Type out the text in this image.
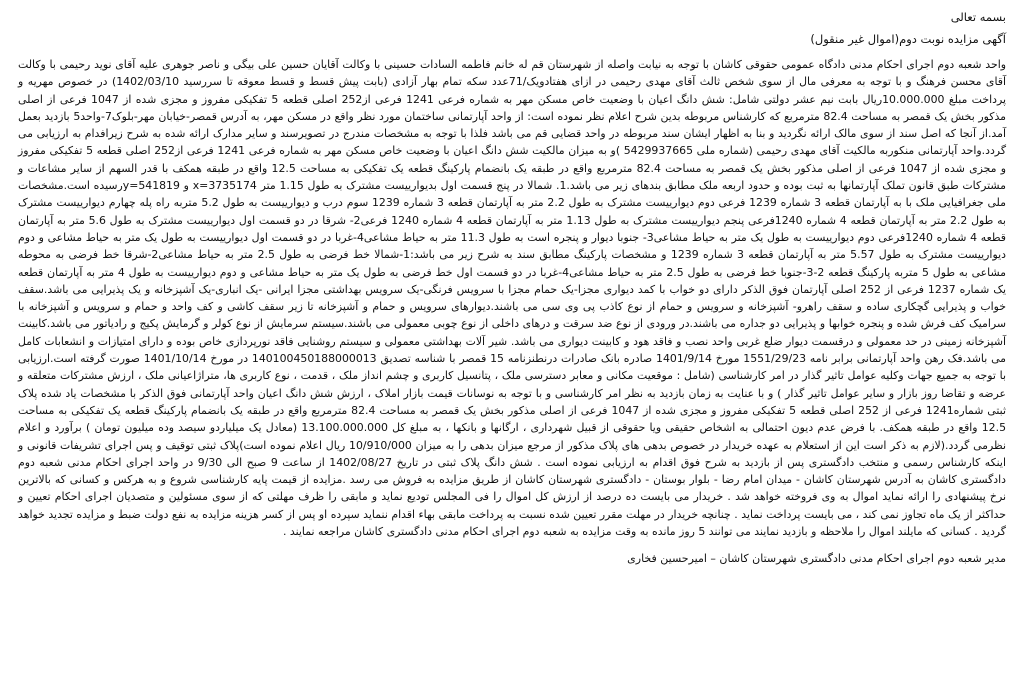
بسمه تعالی

آگهی مزایده نوبت دوم(اموال غیر منقول)

واحد شعبه دوم اجرای احکام مدنی دادگاه عمومی حقوقی کاشان با توجه به نیابت واصله از شهرستان قم له خانم فاطمه السادات حسینی با وکالت آقایان حسین علی بیگی و ناصر جوهری علیه آقای نوید رحیمی با وکالت آقای محسن فرهنگ و با توجه به معرفی مال از سوی شخص ثالث آقای مهدی رحیمی در ازای هفتادویک/71عدد سکه تمام بهار آزادی (بابت پیش قسط و قسط معوقه تا سررسید 1402/03/10) در خصوص مهریه و پرداخت مبلغ 10.000.000ریال بابت نیم عشر دولتی شامل: شش دانگ اعیان با وضعیت خاص مسکن مهر به شماره فرعی 1241 فرعی از252 اصلی قطعه 5 تفکیکی مفروز و مجزی شده از 1047 فرعی از اصلی مذکور بخش یک قمصر به مساحت 82.4 مترمربع که کارشناس مربوطه بدین شرح اعلام نظر نموده است: از واحد آپارتمانی ساختمان مورد نظر واقع در مسکن مهر، به آدرس قمصر-خیابان مهر-بلوک7-واحد5 بازدید بعمل آمد.از آنجا که اصل سند از سوی مالک ارائه نگردید و بنا به اظهار ایشان سند مربوطه در واحد قضایی قم می باشد فلذا با توجه به مشخصات مندرج در تصویرسند و سایر مدارک ارائه شده به شرح زیرافدام به ارزیابی می گردد.واحد آپارتمانی منکوربه مالکیت آقای مهدی رحیمی (شماره ملی 5429937665 )و به میزان مالکیت شش دانگ اعیان با وضعیت خاص مسکن مهر به شماره فرعی 1241 فرعی از252 اصلی قطعه 5 تفکیکی مفروز و مجزی شده از 1047 فرعی از اصلی مذکور بخش یک قمصر به مساحت 82.4 مترمربع واقع در طبقه یک بانضمام پارکینگ قطعه یک تفکیکی به مساحت 12.5 واقع در طبقه همکف با قدر السهم از سایر مشاعات و مشترکات طبق قانون تملک آپارتمانها به ثبت بوده و حدود اربعه ملک مطابق بندهای زیر می باشد.1. شمالا در پنج قسمت اول بدیوارییست مشترک به طول 1.15 متر 3735174=x و y=541819رسیده است.مشخصات ملی جغرافیایی ملک با به آپارتمان قطعه 3 شماره 1239 فرعی دوم دیوارییست مشترک به طول 2.2 متر به آپارتمان قطعه 3 شماره 1239 سوم درب و دیوارییست به طول 5.2 متربه راه پله چهارم دیوارییست مشترک به طول 2.2 متر به آپارتمان قطعه 4 شماره 1240فرعی پنجم دیوارییست مشترک به طول 1.13 متر به آپارتمان قطعه 4 شماره 1240 فرعی2- شرقا در دو قسمت اول دیوارییست مشترک به طول 5.6 متر به آپارتمان قطعه 4 شماره 1240فرعی دوم دیوارییست به طول یک متر به حیاط مشاعی3- جنوبا دیوار و پنجره است به طول 11.3 متر به حیاط مشاعی4-غربا در دو قسمت اول دیوارییست به طول یک متر به حیاط مشاعی و دوم دیوارییست مشترک به طول 5.57 متر به آپارتمان قطعه 3 شماره 1239 و مشخصات پارکینگ مطابق سند به شرح زیر می باشد:1-شمالا خط فرضی به طول 2.5 متر به حیاط مشاعی2-شرقا خط فرضی به محوطه مشاعی به طول 5 متربه پارکینگ قطعه 2-3-جنوبا خط فرضی به طول 2.5 متر به حیاط مشاعی4-غربا در دو قسمت اول خط فرضی به طول یک متر به حیاط مشاعی و دوم دیوارییست به طول 4 متر به آپارتمان قطعه یک شماره 1237 فرعی از 252 اصلی آپارتمان فوق الذکر دارای دو خواب با کمد دیواری مجزا-یک حمام مجزا با سرویس فرنگی-یک سرویس بهداشتی مجزا ایرانی -یک انباری-یک آشپزخانه و یک پذیرایی می باشد.سقف خواب و پذیرایی گچکاری ساده و سقف راهرو- آشپزخانه و سرویس و حمام از نوع کاذب پی وی سی می باشند.دیوارهای سرویس و حمام و آشپزخانه تا زیر سقف کاشی و کف واحد و حمام و سرویس و آشپزخانه با سرامیک کف فرش شده و پنجره خوابها و پذیرایی دو جداره می باشند.در ورودی از نوع ضد سرقت و درهای داخلی از نوع چوبی معمولی می باشند.سیستم سرمایش از نوع کولر و گرمایش پکیج و رادیاتور می باشد.کابینت آشپزخانه زمینی در حد معمولی و درقسمت دیوار ضلع غربی واحد نصب و فاقد هود و کابینت دیواری می باشد. شیر آلات بهداشتی معمولی و سیستم روشنایی فاقد نورپردازی خاص بوده و دارای امتیازات و انشعابات کامل می باشد.فک رهن واحد آپارتمانی برابر نامه 1551/29/23 مورخ 1401/9/14 صادره بانک صادرات درنطنزنامه 15 قمصر با شناسه تصدیق 140100450188000013 در مورخ 1401/10/14 صورت گرفته است.ارزیابی با توجه به جمیع جهات وکلیه عوامل تاثیر گذار در امر کارشناسی (شامل : موقعیت مکانی و معابر دسترسی ملک ، پتانسیل کاربری و چشم انداز ملک ، قدمت ، نوع کاربری ها، متراژاعیانی ملک ، ارزش مشترکات متعلقه و عرضه و تقاضا روز بازار و سایر عوامل تاثیر گذار ) و با عنایت به زمان بازدید به نظر امر کارشناسی و با توجه به نوسانات قیمت بازار املاک ، ارزش شش دانگ اعیان واحد آپارتمانی فوق الذکر با مشخصات یاد شده پلاک ثبتی شماره1241 فرعی از 252 اصلی قطعه 5 تفکیکی مفروز و مجزی شده از 1047 فرعی از اصلی مذکور بخش یک قمصر به مساحت 82.4 مترمربع واقع در طبقه یک بانضمام پارکینگ قطعه یک تفکیکی به مساحت 12.5 واقع در طبقه همکف. با فرض عدم دیون احتمالی به اشخاص حقیقی ویا حقوقی از قبیل شهرداری ، ارگانها و بانکها ، به مبلغ کل 13.100.000.000 (معادل یک میلیاردو سیصد وده میلیون تومان ) برآورد و اعلام نظرمی گردد.(لازم به ذکر است این از استعلام به عهده خریدار در خصوص بدهی های پلاک مذکور از مرجع میزان بدهی را به میزان 10/910/000 ریال اعلام نموده است)پلاک ثبتی توقیف و پس اجرای تشریفات قانونی و اینکه کارشناس رسمی و منتخب دادگستری پس از بازدید به شرح فوق اقدام به ارزیابی نموده است . شش دانگ پلاک ثبتی در تاریخ 1402/08/27 از ساعت 9 صبح الی 9/30 در واحد اجرای احکام مدنی شعبه دوم دادگستری کاشان به آدرس شهرستان کاشان - میدان امام رضا - بلوار بوستان - دادگستری شهرستان کاشان از طریق مزایده به فروش می رسد .مزایده از قیمت پایه کارشناسی شروع و به هرکس و کسانی که بالاترین نرخ پیشنهادی را ارائه نماید اموال به وی فروخته خواهد شد . خریدار می بایست ده درصد از ارزش کل اموال را فی المجلس تودیع نماید و مابقی را ظرف مهلتی که از سوی مسئولین و متصدیان اجرای احکام تعیین و حداکثر از یک ماه تجاوز نمی کند ، می بایست پرداخت نماید . چنانچه خریدار در مهلت مقرر تعیین شده نسبت به پرداخت مابقی بهاء اقدام ننماید سپرده او پس از کسر هزینه مزایده به نفع دولت ضبط و مزایده تجدید خواهد گردید . کسانی که مایلند اموال را ملاحظه و بازدید نمایند می توانند 5 روز مانده به وقت مزایده به شعبه دوم اجرای احکام مدنی دادگستری کاشان مراجعه نمایند .

مدیر شعبه دوم اجرای احکام مدنی دادگستری شهرستان کاشان – امیرحسین فخاری
